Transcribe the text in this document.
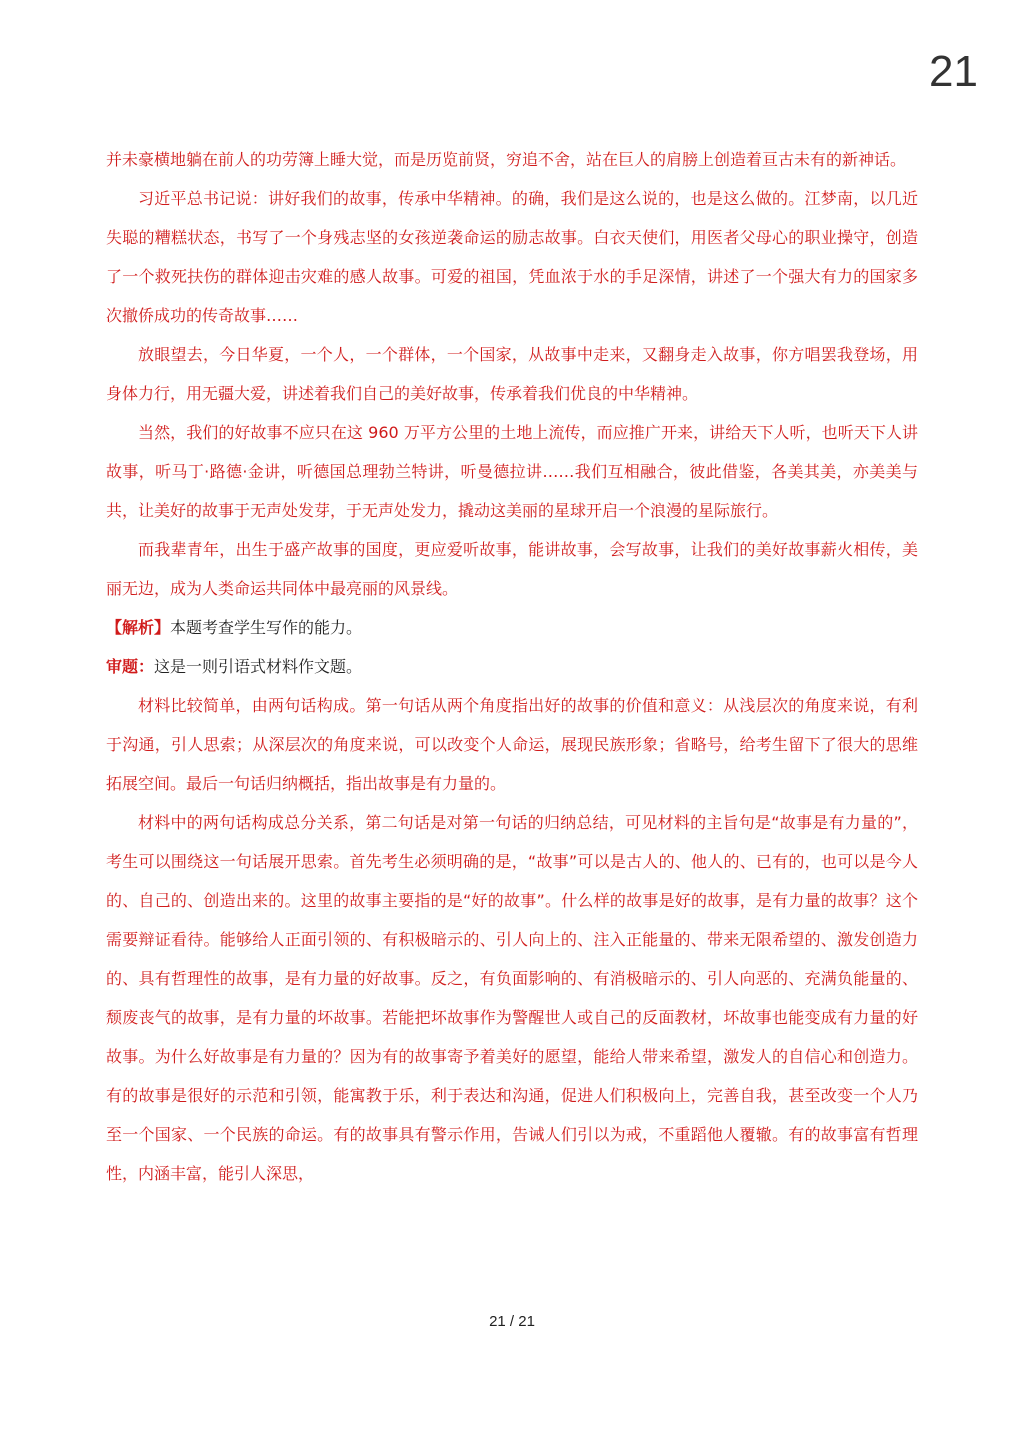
21

并未豪横地躺在前人的功劳簿上睡大觉，而是历览前贤，穷追不舍，站在巨人的肩膀上创造着亘古未有的新神话。

习近平总书记说：讲好我们的故事，传承中华精神。的确，我们是这么说的，也是这么做的。江梦南，以几近失聪的糟糕状态，书写了一个身残志坚的女孩逆袭命运的励志故事。白衣天使们，用医者父母心的职业操守，创造了一个救死扶伤的群体迎击灾难的感人故事。可爱的祖国，凭血浓于水的手足深情，讲述了一个强大有力的国家多次撤侨成功的传奇故事……

放眼望去，今日华夏，一个人，一个群体，一个国家，从故事中走来，又翻身走入故事，你方唱罢我登场，用身体力行，用无疆大爱，讲述着我们自己的美好故事，传承着我们优良的中华精神。

当然，我们的好故事不应只在这 960 万平方公里的土地上流传，而应推广开来，讲给天下人听，也听天下人讲故事，听马丁·路德·金讲，听德国总理勃兰特讲，听曼德拉讲……我们互相融合，彼此借鉴，各美其美，亦美美与共，让美好的故事于无声处发芽，于无声处发力，撬动这美丽的星球开启一个浪漫的星际旅行。

而我辈青年，出生于盛产故事的国度，更应爱听故事，能讲故事，会写故事，让我们的美好故事薪火相传，美丽无边，成为人类命运共同体中最亮丽的风景线。

【解析】本题考查学生写作的能力。

审题：这是一则引语式材料作文题。

材料比较简单，由两句话构成。第一句话从两个角度指出好的故事的价值和意义：从浅层次的角度来说，有利于沟通，引人思索；从深层次的角度来说，可以改变个人命运，展现民族形象；省略号，给考生留下了很大的思维拓展空间。最后一句话归纳概括，指出故事是有力量的。

材料中的两句话构成总分关系，第二句话是对第一句话的归纳总结，可见材料的主旨句是“故事是有力量的”，考生可以围绕这一句话展开思索。首先考生必须明确的是，“故事”可以是古人的、他人的、已有的，也可以是今人的、自己的、创造出来的。这里的故事主要指的是“好的故事”。什么样的故事是好的故事，是有力量的故事？这个需要辩证看待。能够给人正面引领的、有积极暗示的、引人向上的、注入正能量的、带来无限希望的、激发创造力的、具有哲理性的故事，是有力量的好故事。反之，有负面影响的、有消极暗示的、引人向恶的、充满负能量的、颓废丧气的故事，是有力量的坏故事。若能把坏故事作为警醒世人或自己的反面教材，坏故事也能变成有力量的好故事。为什么好故事是有力量的？因为有的故事寄予着美好的愿望，能给人带来希望，激发人的自信心和创造力。有的故事是很好的示范和引领，能寓教于乐，利于表达和沟通，促进人们积极向上，完善自我，甚至改变一个人乃至一个国家、一个民族的命运。有的故事具有警示作用，告诫人们引以为戒，不重蹈他人覆辙。有的故事富有哲理性，内涵丰富，能引人深思，

21 / 21
